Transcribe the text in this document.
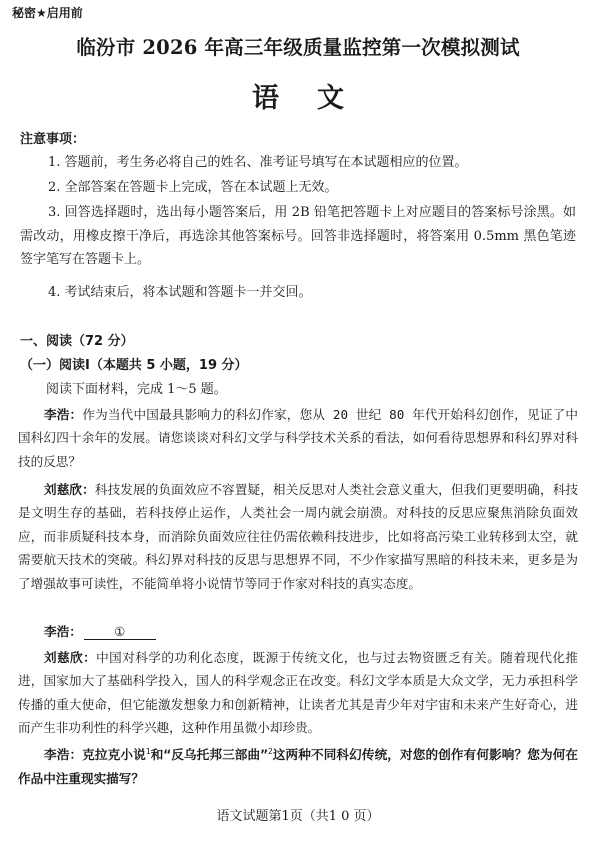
秘密★启用前
临汾市 2026 年高三年级质量监控第一次模拟测试
语文
注意事项：
1. 答题前，考生务必将自己的姓名、准考证号填写在本试题相应的位置。
2. 全部答案在答题卡上完成，答在本试题上无效。
3. 回答选择题时，选出每小题答案后，用 2B 铅笔把答题卡上对应题目的答案标号涂黑。如需改动，用橡皮擦干净后，再选涂其他答案标号。回答非选择题时，将答案用 0.5mm 黑色笔迹签字笔写在答题卡上。
4. 考试结束后，将本试题和答题卡一并交回。
一、阅读（72 分）
（一）阅读Ⅰ（本题共 5 小题，19 分）
阅读下面材料，完成 1～5 题。
李浩：作为当代中国最具影响力的科幻作家，您从 20 世纪 80 年代开始科幻创作，见证了中国科幻四十余年的发展。请您谈谈对科幻文学与科学技术关系的看法，如何看待思想界和科幻界对科技的反思？
刘慈欣：科技发展的负面效应不容置疑，相关反思对人类社会意义重大，但我们更要明确，科技是文明生存的基础，若科技停止运作，人类社会一周内就会崩溃。对科技的反思应聚焦消除负面效应，而非质疑科技本身，而消除负面效应往往仍需依赖科技进步，比如将高污染工业转移到太空，就需要航天技术的突破。科幻界对科技的反思与思想界不同，不少作家描写黑暗的科技未来，更多是为了增强故事可读性，不能简单将小说情节等同于作家对科技的真实态度。
李浩：	①
刘慈欣：中国对科学的功利化态度，既源于传统文化，也与过去物资匮乏有关。随着现代化推进，国家加大了基础科学投入，国人的科学观念正在改变。科幻文学本质是大众文学，无力承担科学传播的重大使命，但它能激发想象力和创新精神，让读者尤其是青少年对宇宙和未来产生好奇心，进而产生非功利性的科学兴趣，这种作用虽微小却珍贵。
李浩：克拉克小说$^1$和“反乌托邦三部曲”$^2$这两种不同科幻传统，对您的创作有何影响？您为何在作品中注重现实描写？
语文试题第1页（共1 0 页）
